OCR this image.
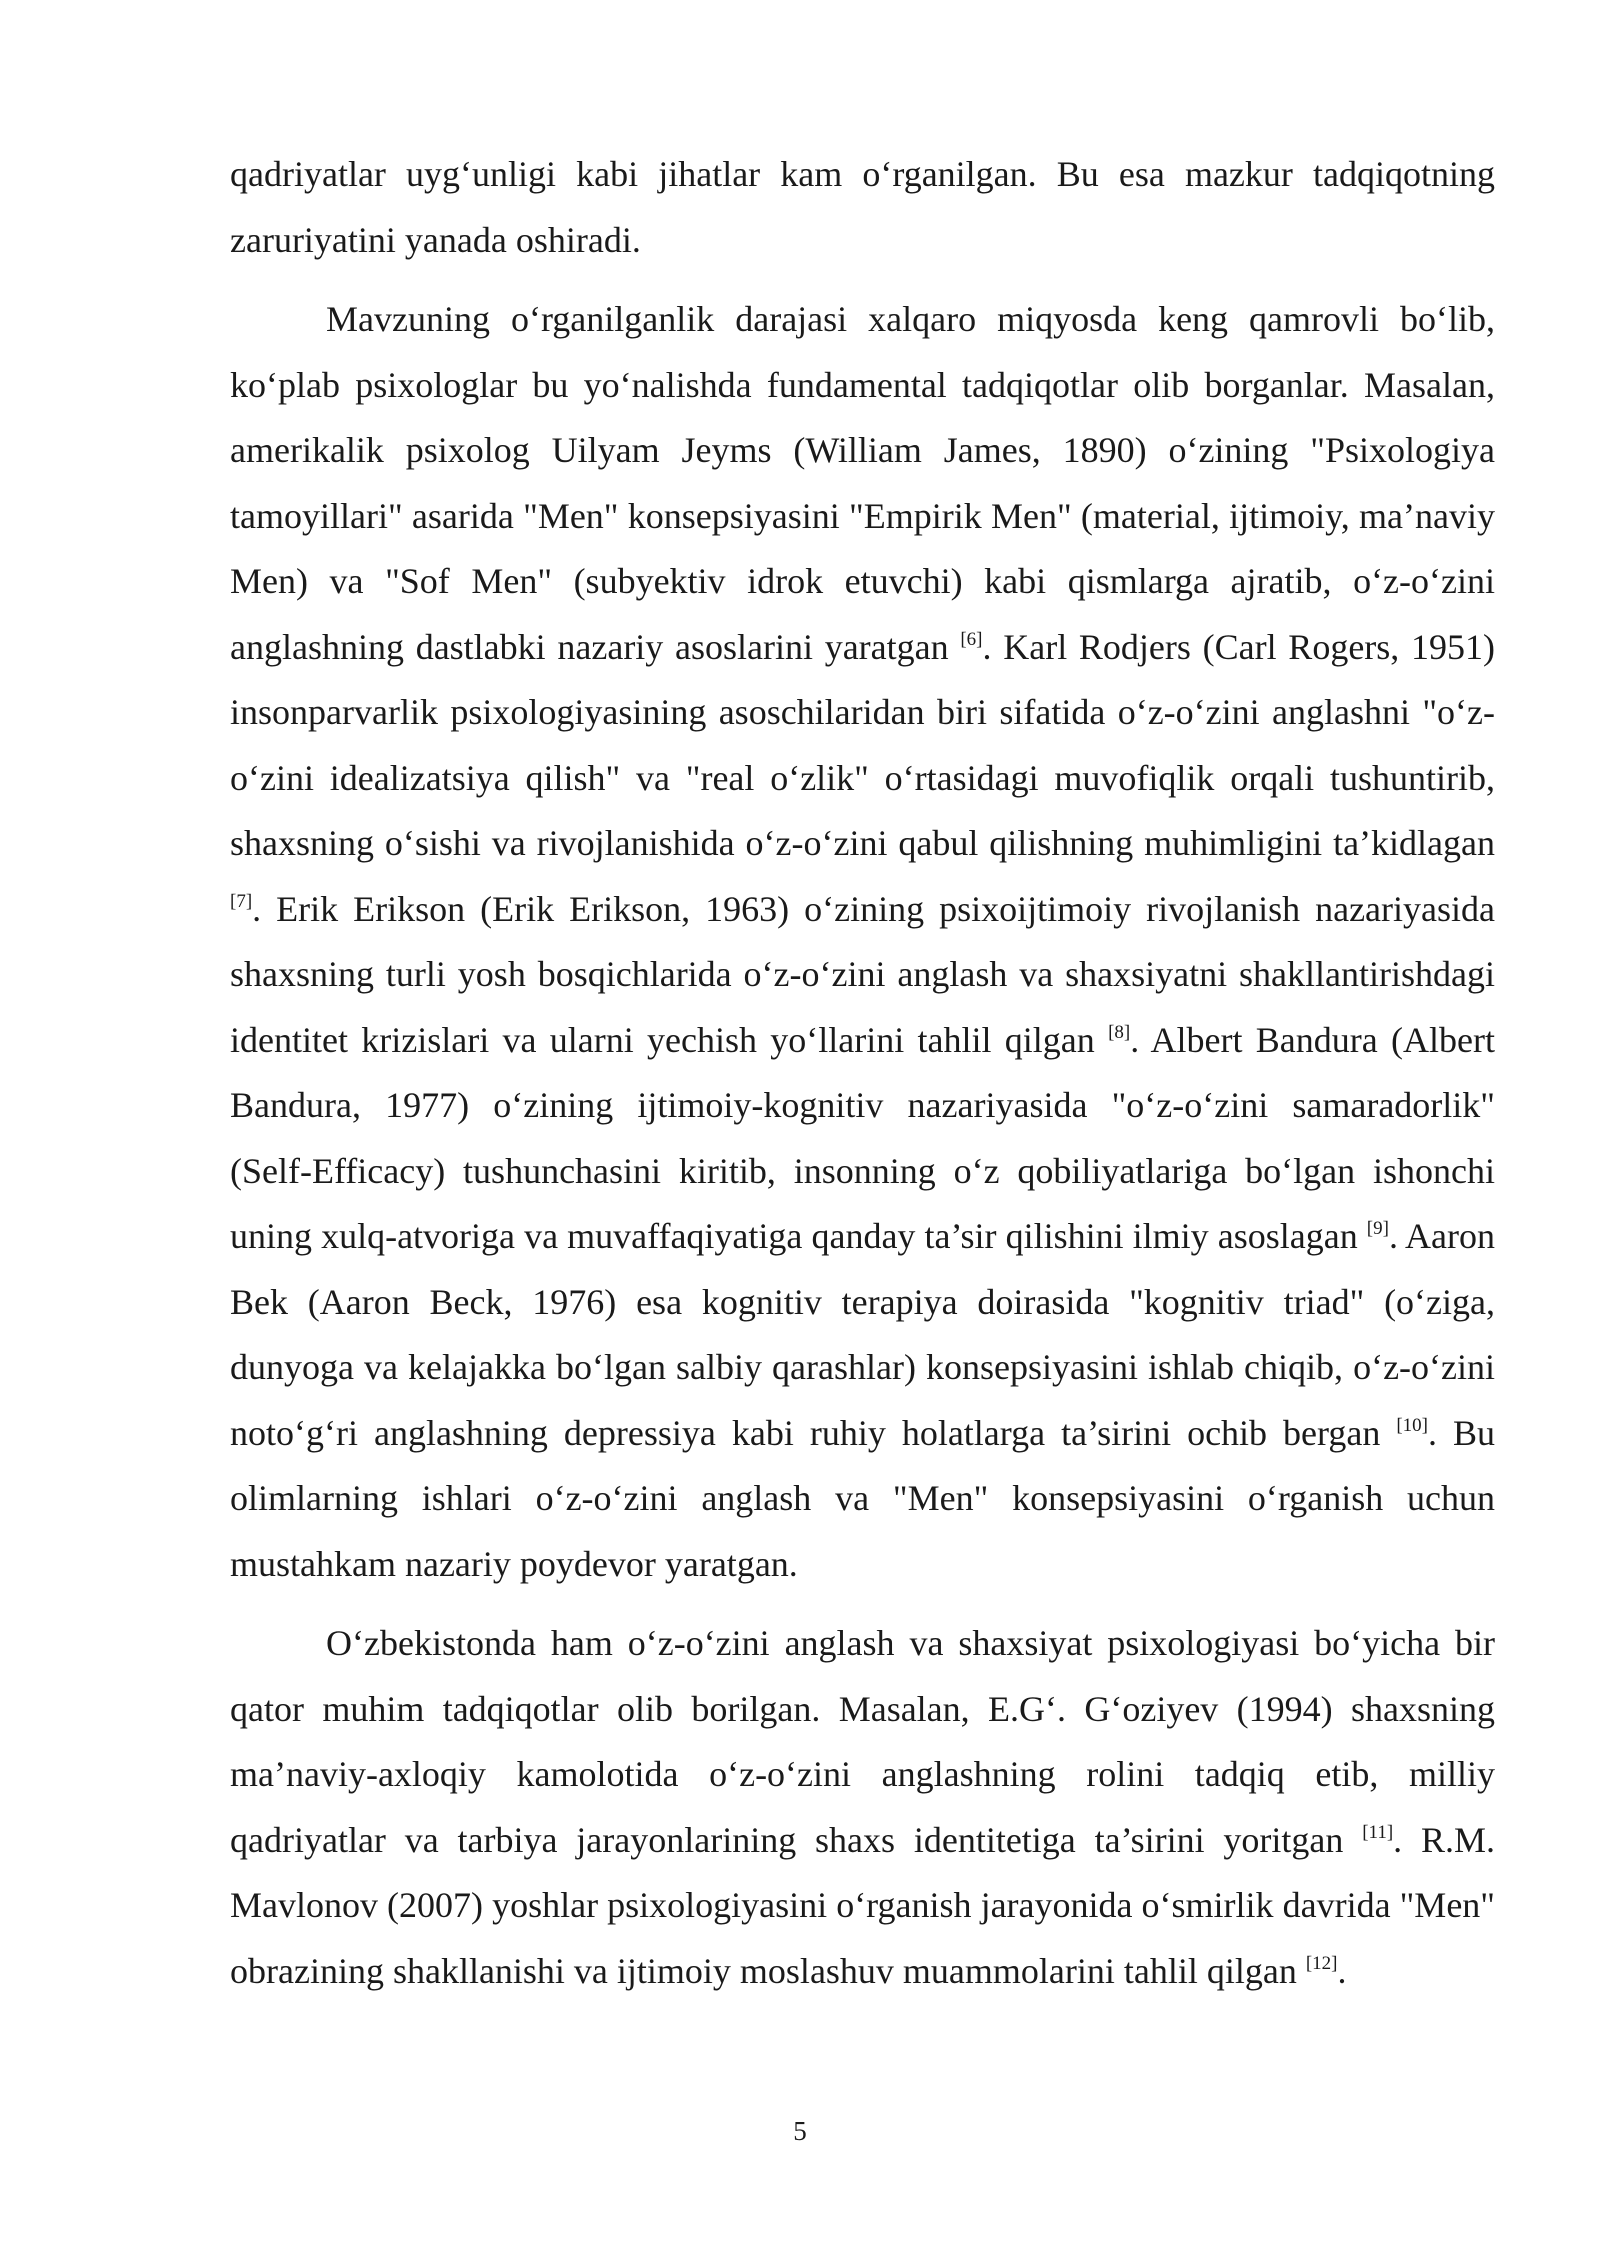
qadriyatlar uyg‘unligi kabi jihatlar kam o‘rganilgan. Bu esa mazkur tadqiqotning zaruriyatini yanada oshiradi.

Mavzuning o‘rganilganlik darajasi xalqaro miqyosda keng qamrovli bo‘lib, ko‘plab psixologlar bu yo‘nalishda fundamental tadqiqotlar olib borganlar. Masalan, amerikalik psixolog Uilyam Jeyms (William James, 1890) o‘zining "Psixologiya tamoyillari" asarida "Men" konsepsiyasini "Empirik Men" (material, ijtimoiy, ma’naviy Men) va "Sof Men" (subyektiv idrok etuvchi) kabi qismlarga ajratib, o‘z-o‘zini anglashning dastlabki nazariy asoslarini yaratgan [6]. Karl Rodjers (Carl Rogers, 1951) insonparvarlik psixologiyasining asoschilaridan biri sifatida o‘z-o‘zini anglashni "o‘z-o‘zini idealizatsiya qilish" va "real o‘zlik" o‘rtasidagi muvofiqlik orqali tushuntirib, shaxsning o‘sishi va rivojlanishida o‘z-o‘zini qabul qilishning muhimligini ta’kidlagan [7]. Erik Erikson (Erik Erikson, 1963) o‘zining psixoijtimoiy rivojlanish nazariyasida shaxsning turli yosh bosqichlarida o‘z-o‘zini anglash va shaxsiyatni shakllantirishdagi identitet krizislari va ularni yechish yo‘llarini tahlil qilgan [8]. Albert Bandura (Albert Bandura, 1977) o‘zining ijtimoiy-kognitiv nazariyasida "o‘z-o‘zini samaradorlik" (Self-Efficacy) tushunchasini kiritib, insonning o‘z qobiliyatlariga bo‘lgan ishonchi uning xulq-atvoriga va muvaffaqiyatiga qanday ta’sir qilishini ilmiy asoslagan [9]. Aaron Bek (Aaron Beck, 1976) esa kognitiv terapiya doirasida "kognitiv triad" (o‘ziga, dunyoga va kelajakka bo‘lgan salbiy qarashlar) konsepsiyasini ishlab chiqib, o‘z-o‘zini noto‘g‘ri anglashning depressiya kabi ruhiy holatlarga ta’sirini ochib bergan [10]. Bu olimlarning ishlari o‘z-o‘zini anglash va "Men" konsepsiyasini o‘rganish uchun mustahkam nazariy poydevor yaratgan.

O‘zbekistonda ham o‘z-o‘zini anglash va shaxsiyat psixologiyasi bo‘yicha bir qator muhim tadqiqotlar olib borilgan. Masalan, E.G‘. G‘oziyev (1994) shaxsning ma’naviy-axloqiy kamolotida o‘z-o‘zini anglashning rolini tadqiq etib, milliy qadriyatlar va tarbiya jarayonlarining shaxs identitetiga ta’sirini yoritgan [11]. R.M. Mavlonov (2007) yoshlar psixologiyasini o‘rganish jarayonida o‘smirlik davrida "Men" obrazining shakllanishi va ijtimoiy moslashuv muammolarini tahlil qilgan [12].

5
